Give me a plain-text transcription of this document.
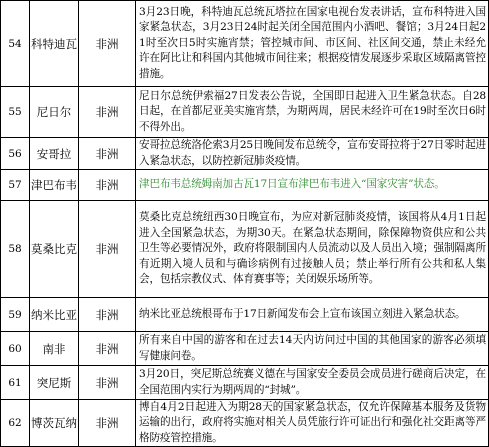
54	科特迪瓦	非洲	3月23日晚，科特迪瓦总统瓦塔拉在国家电视台发表讲话，宣布科特进入国家紧急状态，3月23日24时起关闭全国范围内小酒吧、餐馆；3月24日起21时至次日5时实施宵禁；管控城市间、市区间、社区间交通，禁止未经允许在阿比让和科国内其他城市间往来；根据疫情发展逐步采取区域隔离管控措施。
55	尼日尔	非洲	尼日尔总统伊索福27日发表公告说，全国即日起进入卫生紧急状态。自28日起，在首都尼亚美实施宵禁，为期两周，居民未经许可在19时至次日6时不得外出。
56	安哥拉	非洲	安哥拉总统洛伦索3月25日晚间发布总统令，宣布安哥拉将于27日零时起进入紧急状态，以防控新冠肺炎疫情。
57	津巴布韦	非洲	津巴布韦总统姆南加古瓦17日宣布津巴布韦进入“国家灾害”状态。
58	莫桑比克	非洲	莫桑比克总统纽西30日晚宣布，为应对新冠肺炎疫情，该国将从4月1日起进入全国紧急状态，为期30天。在紧急状态期间，除保障物资供应和公共卫生等必要情况外，政府将限制国内人员流动以及人员出入境；强制隔离所有近期入境人员和与确诊病例有过接触人员；禁止举行所有公共和私人集会，包括宗教仪式、体育赛事等；关闭娱乐场所等。
59	纳米比亚	非洲	纳米比亚总统根哥布于17日新闻发布会上宣布该国立刻进入紧急状态。
60	南非	非洲	所有来自中国的游客和在过去14天内访问过中国的其他国家的游客必须填写健康问卷。
61	突尼斯	非洲	3月20日，突尼斯总统赛义德在与国家安全委员会成员进行磋商后决定，在全国范围内实行为期两周的“封城”。
62	博茨瓦纳	非洲	博自4月2日起进入为期28天的国家紧急状态，仅允许保障基本服务及货物运输的出行，政府将实施对相关人员凭旅行许可证出行和强化社交距离等严格防疫管控措施。
